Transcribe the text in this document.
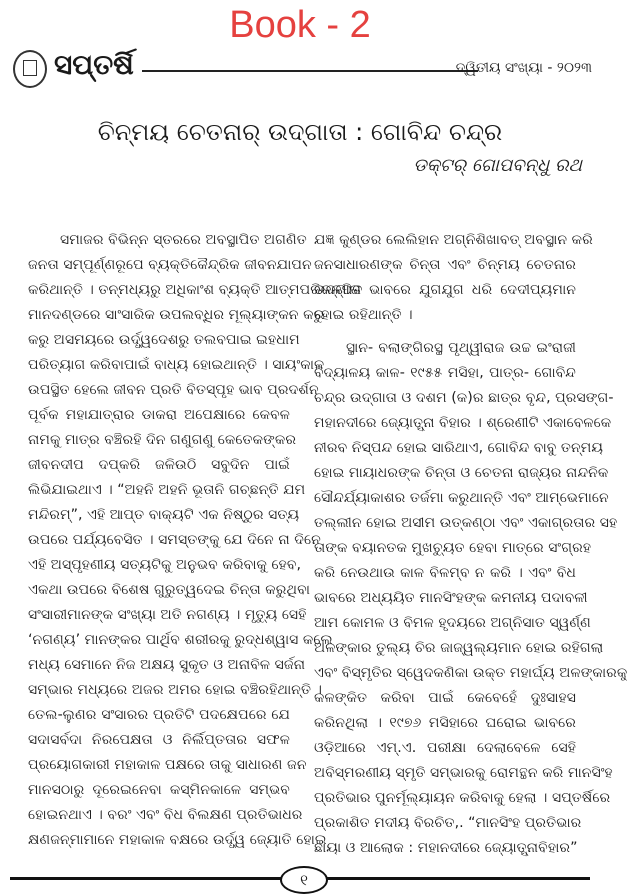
Book - 2
ସପ୍ତର୍ଷି	ଦ୍ୱିତୀୟ ସଂଖ୍ୟା - ୨୦୨୩
ଚିନ୍ମୟ ଚେତନାର୍ ଉଦ୍‌ଗାତା : ଗୋବିନ୍ଦ ଚନ୍ଦ୍ର
ଡକ୍ଟର୍ ଗୋପବନ୍ଧୁ ରଥ
ସମାଜର ବିଭିନ୍ନ ସ୍ତରରେ ଅବସ୍ଥାପିତ ଅଗଣିତ
ଜନତା ସମ୍ପୂର୍ଣ୍ଣରୂପେ ବ୍ୟକ୍ତିକୈନ୍ଦ୍ରିକ ଜୀବନଯାପନ
କରିଥାନ୍ତି । ତନ୍ମଧ୍ୟରୁ ଅଧିକାଂଶ ବ୍ୟକ୍ତି ଆତ୍ମପରିକଳ୍ପିତ
ମାନଦଣ୍ଡରେ ସାଂସାରିକ ଉପଲବ୍ଧିର ମୂଲ୍ୟାଙ୍କନ କରୁ
କରୁ ଅସମୟରେ ଉର୍ଦ୍ଧ୍ୱଦେଶରୁ ତଲବପାଇ ଇହଧାମ
ପରିତ୍ୟାଗ କରିବାପାଇଁ ବାଧ୍ୟ ହୋଇଥାନ୍ତି । ସାୟଂକାଳ
ଉପସ୍ଥିତ ହେଲେ ଜୀବନ ପ୍ରତି ବିତସ୍ପୃହ ଭାବ ପ୍ରଦର୍ଶନ
ପୂର୍ବକ ମହାଯାତ୍ରାର ଡାକରା ଅପେକ୍ଷାରେ କେବଳ
ନାମକୁ ମାତ୍ର ବଞ୍ଚିରହି ଦିନ ଗଣୁଗଣୁ କେତେକଙ୍କର
ଜୀବନଦୀପ ଦପ୍‌କରି ଜଳିଉଠି ସବୁଦିନ ପାଇଁ
ଲିଭିଯାଇଥାଏ । “ଅହନି ଅହନି ଭୂତାନି ଗଚ୍ଛନ୍ତି ଯମ
ମନ୍ଦିରମ୍‌”, ଏହି ଆପ୍ତ ବାକ୍ୟଟି ଏକ ନିଷ୍ଠୁର ସତ୍ୟ
ଉପରେ ପର୍ଯ୍ୟବେସିତ । ସମସ୍ତଙ୍କୁ ଯେ ଦିନେ ନା ଦିନେ
ଏହି ଅସ୍ପୃହଣୀୟ ସତ୍ୟଟିକୁ ଅନୁଭବ କରିବାକୁ ହେବ,
ଏକଥା ଉପରେ ବିଶେଷ ଗୁରୁତ୍ୱଦେଇ ଚିନ୍ତା କରୁଥିବା
ସଂସାରୀମାନଙ୍କ ସଂଖ୍ୟା ଅତି ନଗଣ୍ୟ । ମୃତ୍ୟୁ ସେହି
‘ନଗଣ୍ୟ’ ମାନଙ୍କର ପାର୍ଥିବ ଶରୀରକୁ ରୁଦ୍ଧଶ୍ୱାସ କଲେ
ମଧ୍ୟ ସେମାନେ ନିଜ ଅକ୍ଷୟ ସୁକୃତ ଓ ଅନାବିଳ ସର୍ଜନା
ସମ୍ଭାର ମଧ୍ୟରେ ଅଜର ଅମର ହୋଇ ବଞ୍ଚିରହିଥାନ୍ତି ।
ତେଲ-ଲୁଣର ସଂସାରର ପ୍ରତିଟି ପଦକ୍ଷେପରେ ଯେ
ସଦାସର୍ବଦା ନିରପେକ୍ଷତା ଓ ନିର୍ଲିପ୍ତତାର ସଫଳ
ପ୍ରୟୋଗକାରୀ ମହାକାଳ ପକ୍ଷରେ ତାକୁ ସାଧାରଣ ଜନ
ମାନସଠାରୁ ଦୂରେଇନେବା କସ୍ମିନକାଳେ ସମ୍ଭବ
ହୋଇନଥାଏ । ବରଂ ଏବଂ ବିଧ ବିଲକ୍ଷଣ ପ୍ରତିଭାଧର
କ୍ଷଣଜନ୍ମାମାନେ ମହାକାଳ ବକ୍ଷରେ ଉର୍ଦ୍ଧ୍ୱ ଜ୍ୟୋତି ହୋଇ
ଯଜ୍ଞ କୁଣ୍ଡର ଲେଲିହାନ ଅଗ୍ନିଶିଖାବତ୍ ଅବସ୍ଥାନ କରି
ଜନସାଧାରଣଙ୍କ ଚିନ୍ତା ଏବଂ ଚିନ୍ମୟ ଚେତନାର
ଉଦ୍‌ଗାତା ଭାବରେ ଯୁଗଯୁଗ ଧରି ଦେଦୀପ୍ୟମାନ
ହୋଇ ରହିଥାନ୍ତି ।
ସ୍ଥାନ- ବଲାଙ୍ଗିରସ୍ଥ ପୃଥ୍ୱୀରାଜ ଉଚ୍ଚ ଇଂରାଜୀ
ବିଦ୍ୟାଳୟ କାଳ- ୧୯୫୫ ମସିହା, ପାତ୍ର- ଗୋବିନ୍ଦ
ଚନ୍ଦ୍ର ଉଦ୍‌ଗାତା ଓ ଦଶମ (କ)ର ଛାତ୍ର ବୃନ୍ଦ, ପ୍ରସଙ୍ଗ-
ମହାନଦୀରେ ଜ୍ୟୋତ୍ସ୍ନା ବିହାର । ଶ୍ରେଣୀଟି ଏକାବେଳକେ
ନୀରବ ନିସ୍ପନ୍ଦ ହୋଇ ସାରିଥାଏ, ଗୋବିନ୍ଦ ବାବୁ ତନ୍ମୟ
ହୋଇ ମାୟାଧରଙ୍କ ଚିନ୍ତା ଓ ଚେତନା ରାଜ୍ୟର ନାନ୍ଦନିକ
ସୌନ୍ଦର୍ଯ୍ୟାକାଶର ତର୍ଜମା କରୁଥାନ୍ତି ଏବଂ ଆମ୍ଭେମାନେ
ତଲ୍ଲୀନ ହୋଇ ଅସୀମ ଉତ୍କଣ୍ଠା ଏବଂ ଏକାଗ୍ରତାର ସହ
ତାଙ୍କ ବୟାନତକ ମୁଖଚ୍ୟୁତ ହେବା ମାତ୍ରେ ସଂଗ୍ରହ
କରି ନେଉଥାଉ କାଳ ବିଳମ୍ବ ନ କରି । ଏବଂ ବିଧ
ଭାବରେ ଅଧ୍ୟୟିତ ମାନସିଂହଙ୍କ କମନୀୟ ପଦାବଳୀ
ଆମ କୋମଳ ଓ ବିମଳ ହୃଦୟରେ ଅଗ୍ନିସାତ ସ୍ୱର୍ଣ୍ଣ
ଅଳଙ୍କାର ତୁଲ୍ୟ ଚିର ଜାଜ୍ୱଲ୍ୟମାନ ହୋଇ ରହିଗଲା
ଏବଂ ବିସ୍ମୃତିର ସ୍ୱେଦକଣିକା ଉକ୍ତ ମହାର୍ଘ୍ୟ ଅଳଙ୍କାରକୁ
କଳଙ୍କିତ କରିବା ପାଇଁ କେବେହେଁ ଦୁଃସାହସ
କରିନଥିଲା । ୧୯୭୬ ମସିହାରେ ଘରୋଇ ଭାବରେ
ଓଡ଼ିଆରେ ଏମ୍.ଏ. ପରୀକ୍ଷା ଦେଲାବେଳେ ସେହି
ଅବିସ୍ମରଣୀୟ ସ୍ମୃତି ସମ୍ଭାରକୁ ରୋମନ୍ଥନ କରି ମାନସିଂହ
ପ୍ରତିଭାର ପୁନର୍ମୂଲ୍ୟାୟନ କରିବାକୁ ହେଲା । ସପ୍ତର୍ଷିରେ
ପ୍ରକାଶିତ ମଦୀୟ ବିରଚିତ,. “ମାନସିଂହ ପ୍ରତିଭାର
ଛାୟା ଓ ଆଲୋକ : ମହାନଦୀରେ ଜ୍ୟୋତ୍ସ୍ନାବିହାର”
୧
